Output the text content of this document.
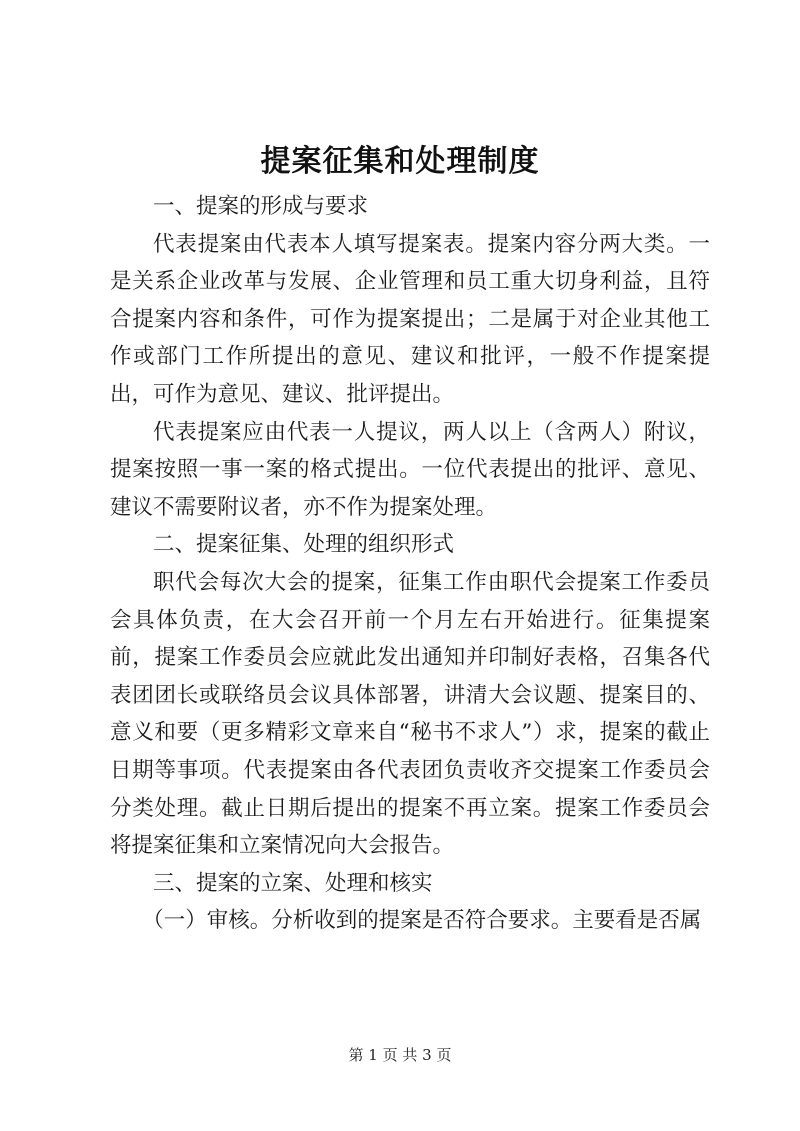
提案征集和处理制度

一、提案的形成与要求

代表提案由代表本人填写提案表。提案内容分两大类。一是关系企业改革与发展、企业管理和员工重大切身利益，且符合提案内容和条件，可作为提案提出；二是属于对企业其他工作或部门工作所提出的意见、建议和批评，一般不作提案提出，可作为意见、建议、批评提出。

代表提案应由代表一人提议，两人以上（含两人）附议，提案按照一事一案的格式提出。一位代表提出的批评、意见、建议不需要附议者，亦不作为提案处理。

二、提案征集、处理的组织形式

职代会每次大会的提案，征集工作由职代会提案工作委员会具体负责，在大会召开前一个月左右开始进行。征集提案前，提案工作委员会应就此发出通知并印制好表格，召集各代表团团长或联络员会议具体部署，讲清大会议题、提案目的、意义和要（更多精彩文章来自“秘书不求人”）求，提案的截止日期等事项。代表提案由各代表团负责收齐交提案工作委员会分类处理。截止日期后提出的提案不再立案。提案工作委员会将提案征集和立案情况向大会报告。

三、提案的立案、处理和核实

（一）审核。分析收到的提案是否符合要求。主要看是否属

第 1 页 共 3 页
